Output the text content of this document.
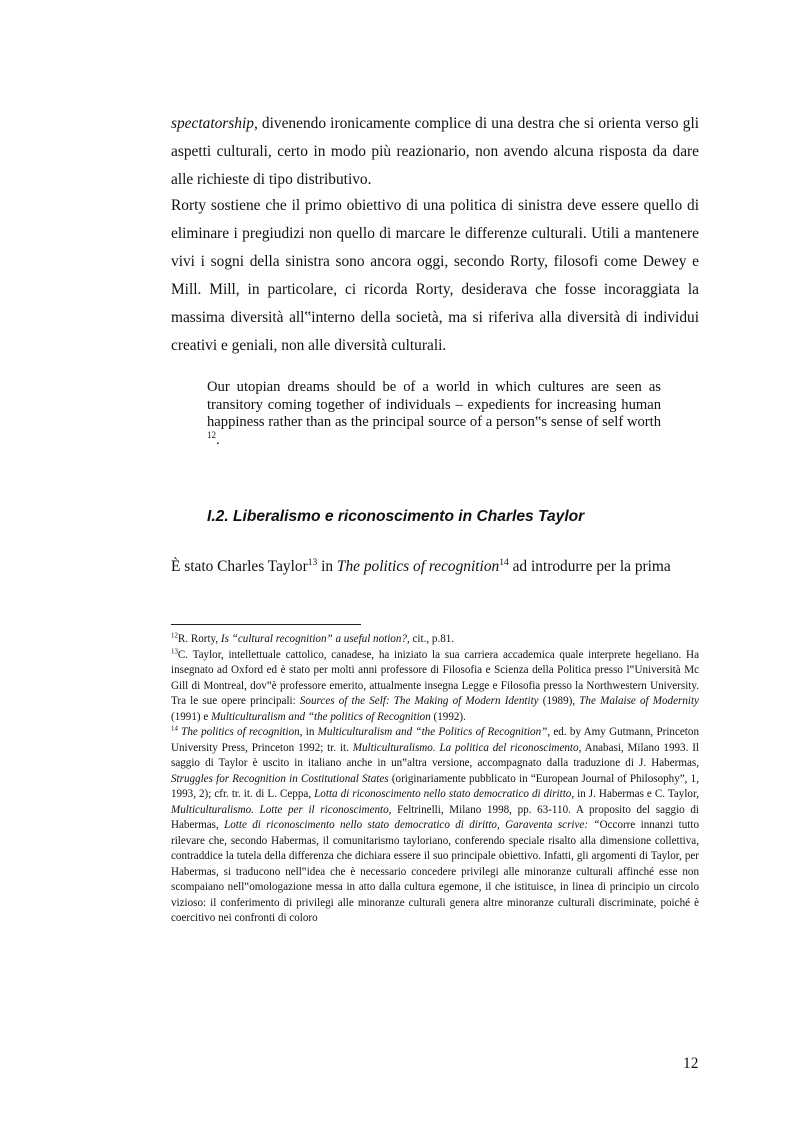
spectatorship, divenendo ironicamente complice di una destra che si orienta verso gli aspetti culturali, certo in modo più reazionario, non avendo alcuna risposta da dare alle richieste di tipo distributivo.

Rorty sostiene che il primo obiettivo di una politica di sinistra deve essere quello di eliminare i pregiudizi non quello di marcare le differenze culturali. Utili a mantenere vivi i sogni della sinistra sono ancora oggi, secondo Rorty, filosofi come Dewey e Mill. Mill, in particolare, ci ricorda Rorty, desiderava che fosse incoraggiata la massima diversità all‟interno della società, ma si riferiva alla diversità di individui creativi e geniali, non alle diversità culturali.

Our utopian dreams should be of a world in which cultures are seen as transitory coming together of individuals – expedients for increasing human happiness rather than as the principal source of a person‟s sense of self worth $^{12}$.

I.2. Liberalismo e riconoscimento in Charles Taylor

È stato Charles Taylor$^{13}$ in The politics of recognition$^{14}$ ad introdurre per la prima

$^{12}$R. Rorty, Is “cultural recognition” a useful notion?, cit., p.81.

$^{13}$C. Taylor, intellettuale cattolico, canadese, ha iniziato la sua carriera accademica quale interprete hegeliano. Ha insegnato ad Oxford ed è stato per molti anni professore di Filosofia e Scienza della Politica presso l‟Università Mc Gill di Montreal, dov‟è professore emerito, attualmente insegna Legge e Filosofia presso la Northwestern University. Tra le sue opere principali: Sources of the Self: The Making of Modern Identity (1989), The Malaise of Modernity (1991) e Multiculturalism and “the politics of Recognition (1992).

$^{14}$ The politics of recognition, in Multiculturalism and “the Politics of Recognition”, ed. by Amy Gutmann, Princeton University Press, Princeton 1992; tr. it. Multiculturalismo. La politica del riconoscimento, Anabasi, Milano 1993. Il saggio di Taylor è uscito in italiano anche in un‟altra versione, accompagnato dalla traduzione di J. Habermas, Struggles for Recognition in Costitutional States (originariamente pubblicato in “European Journal of Philosophy”, 1, 1993, 2); cfr. tr. it. di L. Ceppa, Lotta di riconoscimento nello stato democratico di diritto, in J. Habermas e C. Taylor, Multiculturalismo. Lotte per il riconoscimento, Feltrinelli, Milano 1998, pp. 63-110. A proposito del saggio di Habermas, Lotte di riconoscimento nello stato democratico di diritto, Garaventa scrive: “Occorre innanzi tutto rilevare che, secondo Habermas, il comunitarismo tayloriano, conferendo speciale risalto alla dimensione collettiva, contraddice la tutela della differenza che dichiara essere il suo principale obiettivo. Infatti, gli argomenti di Taylor, per Habermas, si traducono nell‟idea che è necessario concedere privilegi alle minoranze culturali affinché esse non scompaiano nell‟omologazione messa in atto dalla cultura egemone, il che istituisce, in linea di principio un circolo vizioso: il conferimento di privilegi alle minoranze culturali genera altre minoranze culturali discriminate, poiché è coercitivo nei confronti di coloro

12
